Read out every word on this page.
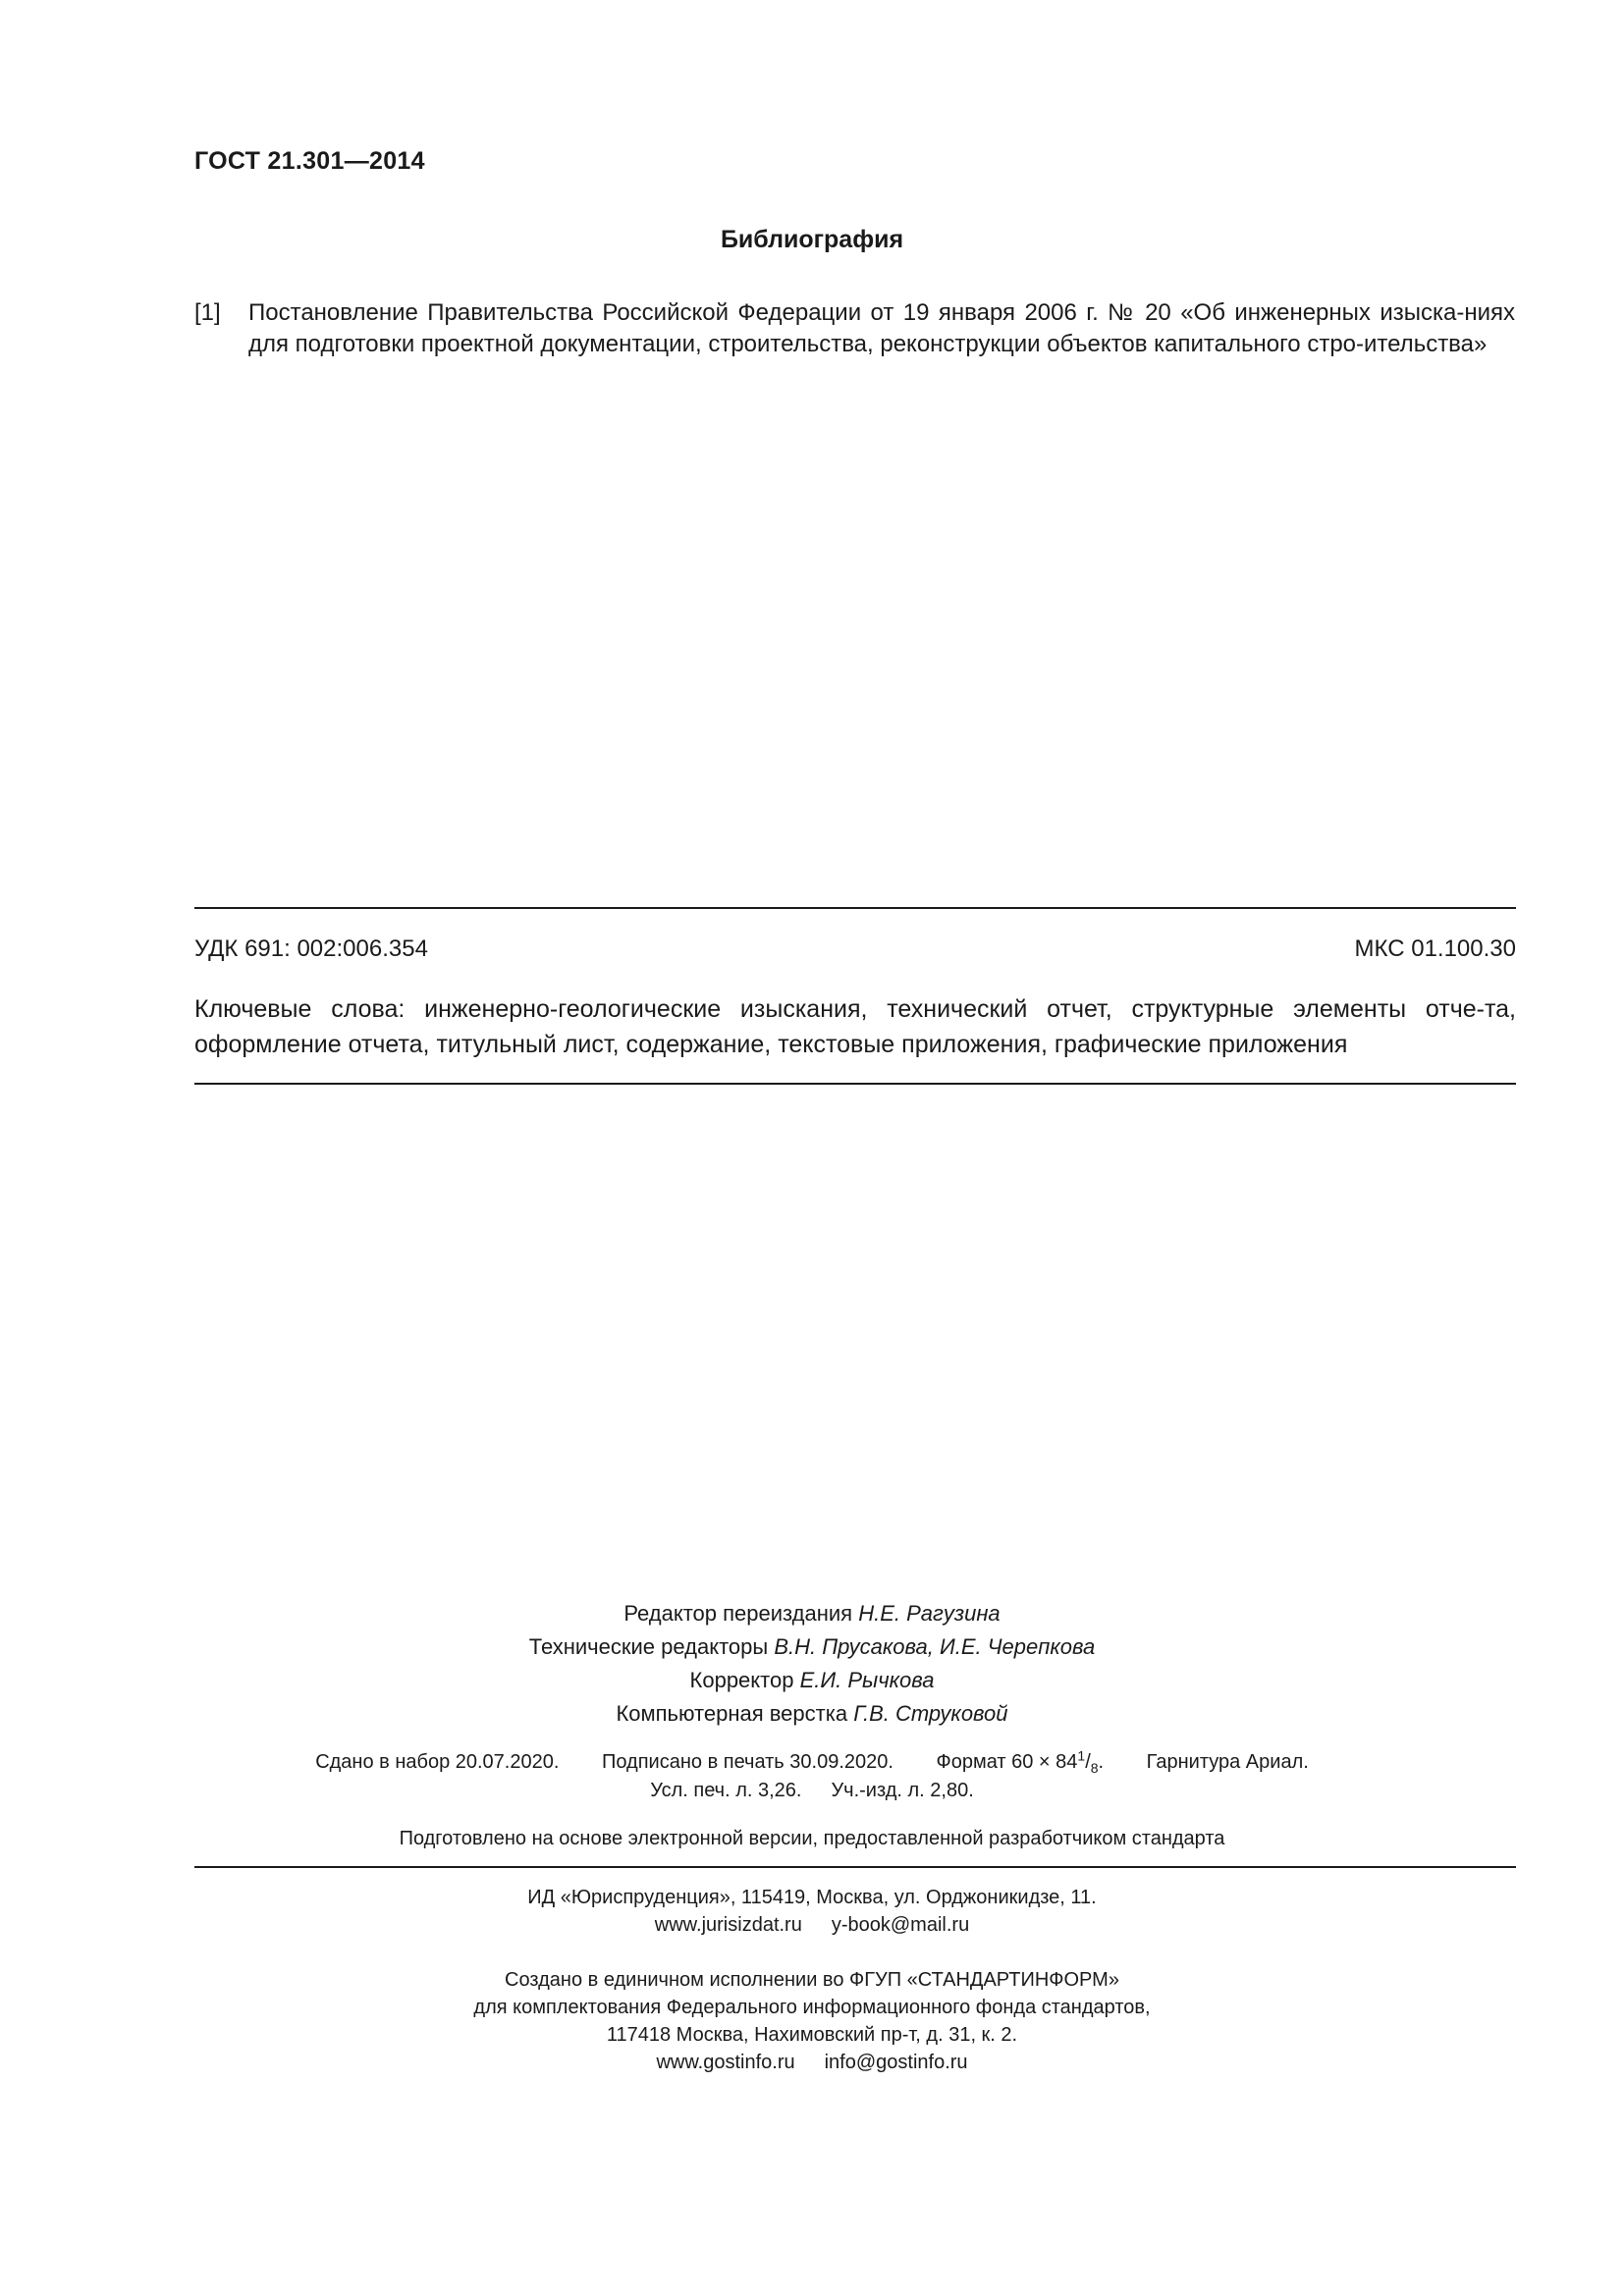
ГОСТ 21.301—2014
Библиография
[1] Постановление Правительства Российской Федерации от 19 января 2006 г. № 20 «Об инженерных изыска-ниях для подготовки проектной документации, строительства, реконструкции объектов капитального стро-ительства»
УДК 691: 002:006.354	МКС 01.100.30
Ключевые слова: инженерно-геологические изыскания, технический отчет, структурные элементы отче-та, оформление отчета, титульный лист, содержание, текстовые приложения, графические приложения
Редактор переиздания Н.Е. Рагузина
Технические редакторы В.Н. Прусакова, И.Е. Черепкова
Корректор Е.И. Рычкова
Компьютерная верстка Г.В. Струковой
Сдано в набор 20.07.2020. Подписано в печать 30.09.2020. Формат $60 \times 84^1/_8$. Гарнитура Ариал.
Усл. печ. л. 3,26. Уч.-изд. л. 2,80.
Подготовлено на основе электронной версии, предоставленной разработчиком стандарта
ИД «Юриспруденция», 115419, Москва, ул. Орджоникидзе, 11.
www.jurisizdat.ru y-book@mail.ru
Создано в единичном исполнении во ФГУП «СТАНДАРТИНФОРМ»
для комплектования Федерального информационного фонда стандартов,
117418 Москва, Нахимовский пр-т, д. 31, к. 2.
www.gostinfo.ru info@gostinfo.ru
